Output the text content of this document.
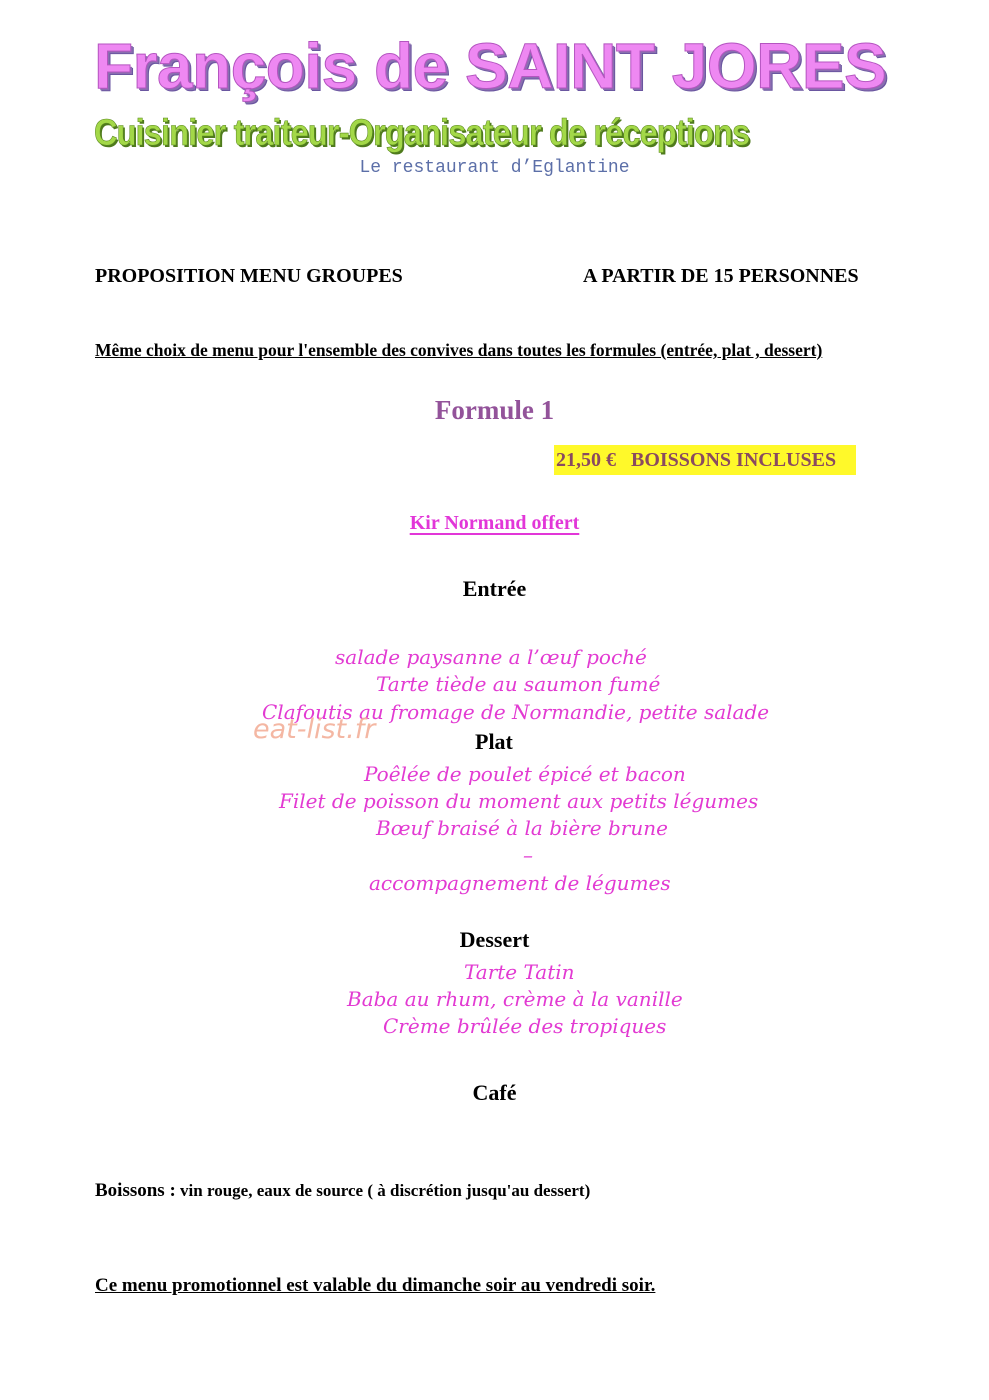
François de SAINT JORES
Cuisinier traiteur-Organisateur de réceptions
Le restaurant d’Eglantine
PROPOSITION MENU GROUPES	A PARTIR DE 15 PERSONNES
Même choix de menu pour l'ensemble des convives dans toutes les formules (entrée, plat , dessert)
Formule 1
21,50 €   BOISSONS INCLUSES
Kir Normand offert
Entrée
salade paysanne a l’œuf poché
Tarte tiède au saumon fumé
Clafoutis au fromage de Normandie, petite salade
eat-list.fr	Plat
Poêlée de poulet épicé et bacon
Filet de poisson du moment aux petits légumes
Bœuf braisé à la bière brune
–
accompagnement de légumes
Dessert
Tarte Tatin
Baba au rhum, crème à la vanille
Crème brûlée des tropiques
Café
Boissons : vin rouge, eaux de source ( à discrétion jusqu'au dessert)
Ce menu promotionnel est valable du dimanche soir au vendredi soir.
